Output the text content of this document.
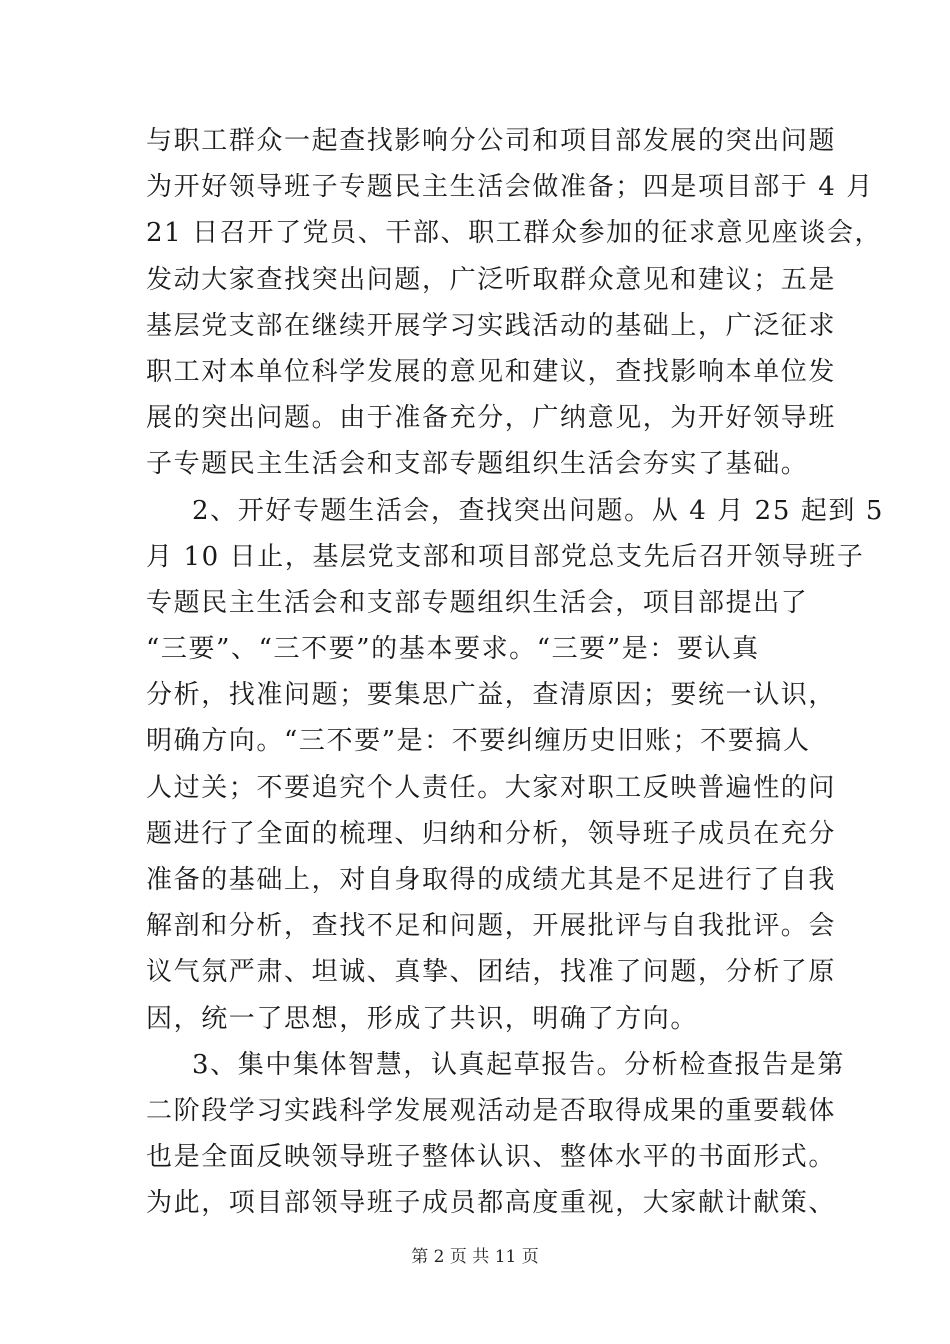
与职工群众一起查找影响分公司和项目部发展的突出问题
为开好领导班子专题民主生活会做准备；四是项目部于 4 月
21 日召开了党员、干部、职工群众参加的征求意见座谈会，
发动大家查找突出问题，广泛听取群众意见和建议；五是
基层党支部在继续开展学习实践活动的基础上，广泛征求
职工对本单位科学发展的意见和建议，查找影响本单位发
展的突出问题。由于准备充分，广纳意见，为开好领导班
子专题民主生活会和支部专题组织生活会夯实了基础。
2、开好专题生活会，查找突出问题。从 4 月 25 起到 5
月 10 日止，基层党支部和项目部党总支先后召开领导班子
专题民主生活会和支部专题组织生活会，项目部提出了
“三要”、“三不要”的基本要求。“三要”是：要认真
分析，找准问题；要集思广益，查清原因；要统一认识，
明确方向。“三不要”是：不要纠缠历史旧账；不要搞人
人过关；不要追究个人责任。大家对职工反映普遍性的问
题进行了全面的梳理、归纳和分析，领导班子成员在充分
准备的基础上，对自身取得的成绩尤其是不足进行了自我
解剖和分析，查找不足和问题，开展批评与自我批评。会
议气氛严肃、坦诚、真挚、团结，找准了问题，分析了原
因，统一了思想，形成了共识，明确了方向。
3、集中集体智慧，认真起草报告。分析检查报告是第
二阶段学习实践科学发展观活动是否取得成果的重要载体
也是全面反映领导班子整体认识、整体水平的书面形式。
为此，项目部领导班子成员都高度重视，大家献计献策、
第 2 页 共 11 页
